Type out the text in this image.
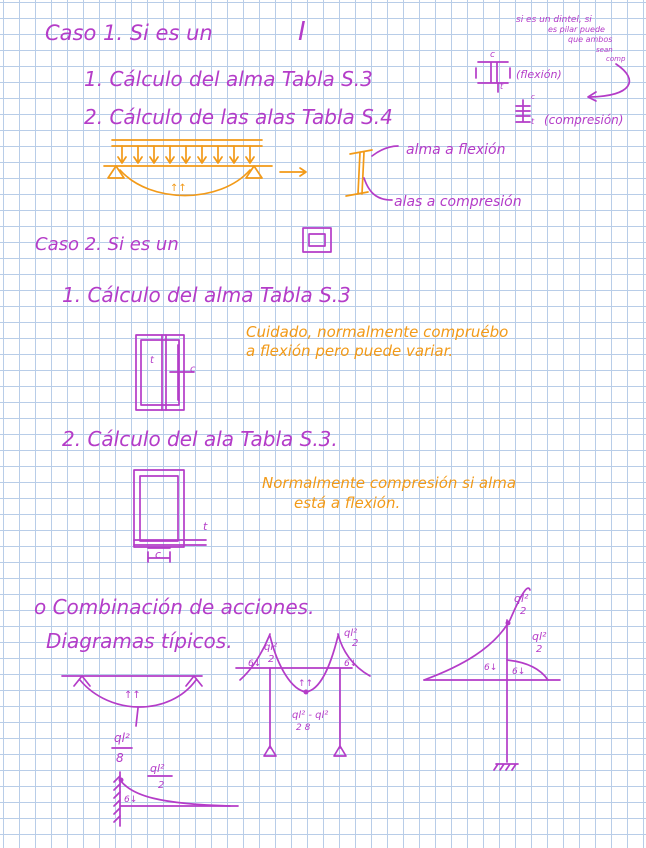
Caso 1. Si es un	I	si es un dintel, si
es pilar puede
que ambos
sean
comp
1. Cálculo del alma Tabla S.3
c
t
(flexión)
2. Cálculo de las alas Tabla S.4
c
t (compresión)
↑↑
alma a flexión
alas a compresión
Caso 2. Si es un
1. Cálculo del alma Tabla S.3
t
c
Cuidado, normalmente compruébo
a flexión pero puede variar.
2. Cálculo del ala Tabla S.3.
t
c
Normalmente compresión si alma
está a flexión.
o Combinación de acciones.
Diagramas típicos.
↑↑
ql²
8
ql²
2
ql²
2
ql² - ql²
2 8
↑↑
6↓	6↓
ql²
2
ql²
2
6↓ 6↓
ql²
2
6↓
